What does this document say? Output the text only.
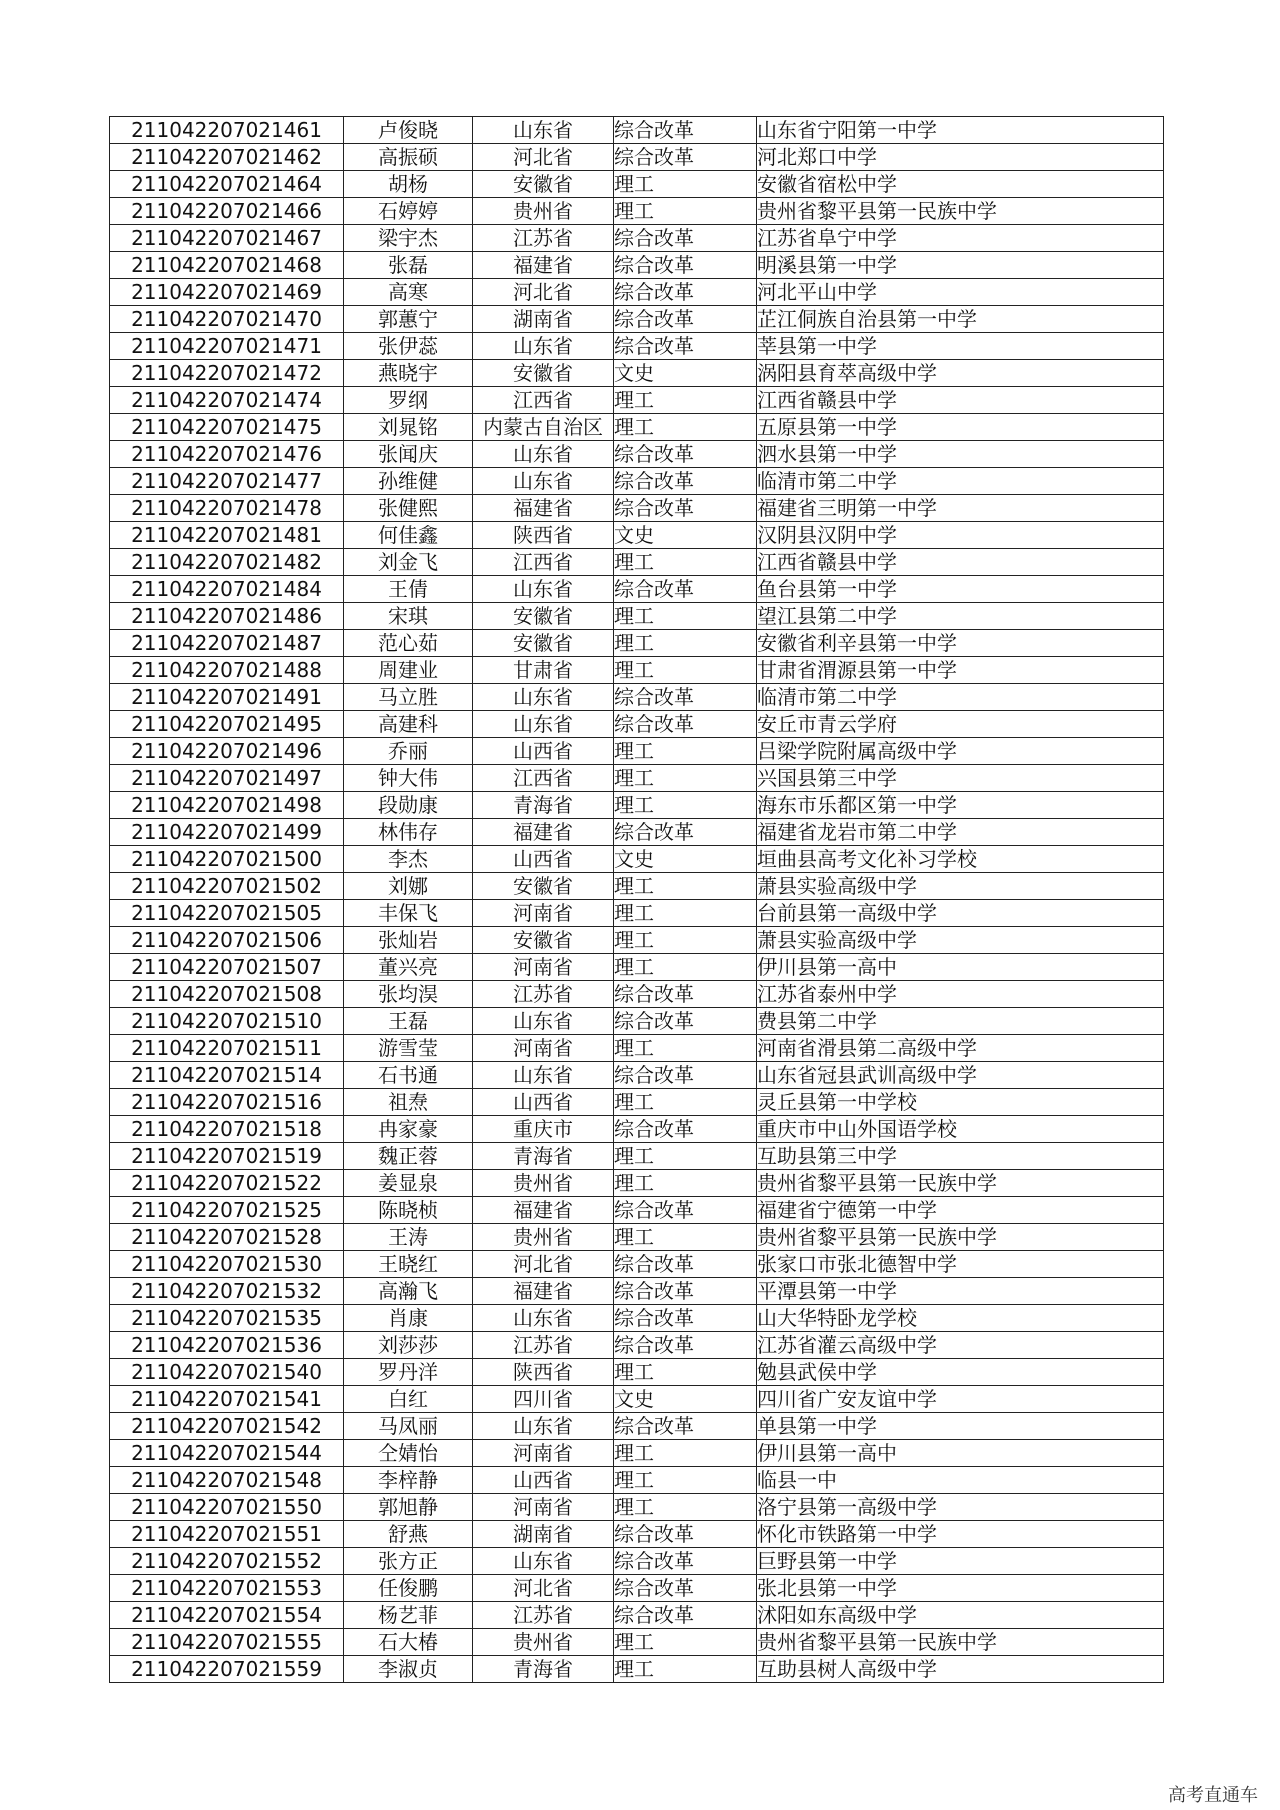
211042207021461	卢俊晓	山东省	综合改革	山东省宁阳第一中学
211042207021462	高振硕	河北省	综合改革	河北郑口中学
211042207021464	胡杨	安徽省	理工	安徽省宿松中学
211042207021466	石婷婷	贵州省	理工	贵州省黎平县第一民族中学
211042207021467	梁宇杰	江苏省	综合改革	江苏省阜宁中学
211042207021468	张磊	福建省	综合改革	明溪县第一中学
211042207021469	高寒	河北省	综合改革	河北平山中学
211042207021470	郭蕙宁	湖南省	综合改革	芷江侗族自治县第一中学
211042207021471	张伊蕊	山东省	综合改革	莘县第一中学
211042207021472	燕晓宇	安徽省	文史	涡阳县育萃高级中学
211042207021474	罗纲	江西省	理工	江西省赣县中学
211042207021475	刘晁铭	内蒙古自治区	理工	五原县第一中学
211042207021476	张闻庆	山东省	综合改革	泗水县第一中学
211042207021477	孙维健	山东省	综合改革	临清市第二中学
211042207021478	张健熙	福建省	综合改革	福建省三明第一中学
211042207021481	何佳鑫	陕西省	文史	汉阴县汉阴中学
211042207021482	刘金飞	江西省	理工	江西省赣县中学
211042207021484	王倩	山东省	综合改革	鱼台县第一中学
211042207021486	宋琪	安徽省	理工	望江县第二中学
211042207021487	范心茹	安徽省	理工	安徽省利辛县第一中学
211042207021488	周建业	甘肃省	理工	甘肃省渭源县第一中学
211042207021491	马立胜	山东省	综合改革	临清市第二中学
211042207021495	高建科	山东省	综合改革	安丘市青云学府
211042207021496	乔丽	山西省	理工	吕梁学院附属高级中学
211042207021497	钟大伟	江西省	理工	兴国县第三中学
211042207021498	段勋康	青海省	理工	海东市乐都区第一中学
211042207021499	林伟存	福建省	综合改革	福建省龙岩市第二中学
211042207021500	李杰	山西省	文史	垣曲县高考文化补习学校
211042207021502	刘娜	安徽省	理工	萧县实验高级中学
211042207021505	丰保飞	河南省	理工	台前县第一高级中学
211042207021506	张灿岩	安徽省	理工	萧县实验高级中学
211042207021507	董兴亮	河南省	理工	伊川县第一高中
211042207021508	张均淏	江苏省	综合改革	江苏省泰州中学
211042207021510	王磊	山东省	综合改革	费县第二中学
211042207021511	游雪莹	河南省	理工	河南省滑县第二高级中学
211042207021514	石书通	山东省	综合改革	山东省冠县武训高级中学
211042207021516	祖焘	山西省	理工	灵丘县第一中学校
211042207021518	冉家豪	重庆市	综合改革	重庆市中山外国语学校
211042207021519	魏正蓉	青海省	理工	互助县第三中学
211042207021522	姜显泉	贵州省	理工	贵州省黎平县第一民族中学
211042207021525	陈晓桢	福建省	综合改革	福建省宁德第一中学
211042207021528	王涛	贵州省	理工	贵州省黎平县第一民族中学
211042207021530	王晓红	河北省	综合改革	张家口市张北德智中学
211042207021532	高瀚飞	福建省	综合改革	平潭县第一中学
211042207021535	肖康	山东省	综合改革	山大华特卧龙学校
211042207021536	刘莎莎	江苏省	综合改革	江苏省灌云高级中学
211042207021540	罗丹洋	陕西省	理工	勉县武侯中学
211042207021541	白红	四川省	文史	四川省广安友谊中学
211042207021542	马凤丽	山东省	综合改革	单县第一中学
211042207021544	仝婧怡	河南省	理工	伊川县第一高中
211042207021548	李梓静	山西省	理工	临县一中
211042207021550	郭旭静	河南省	理工	洛宁县第一高级中学
211042207021551	舒燕	湖南省	综合改革	怀化市铁路第一中学
211042207021552	张方正	山东省	综合改革	巨野县第一中学
211042207021553	任俊鹏	河北省	综合改革	张北县第一中学
211042207021554	杨艺菲	江苏省	综合改革	沭阳如东高级中学
211042207021555	石大椿	贵州省	理工	贵州省黎平县第一民族中学
211042207021559	李淑贞	青海省	理工	互助县树人高级中学
高考直通车
